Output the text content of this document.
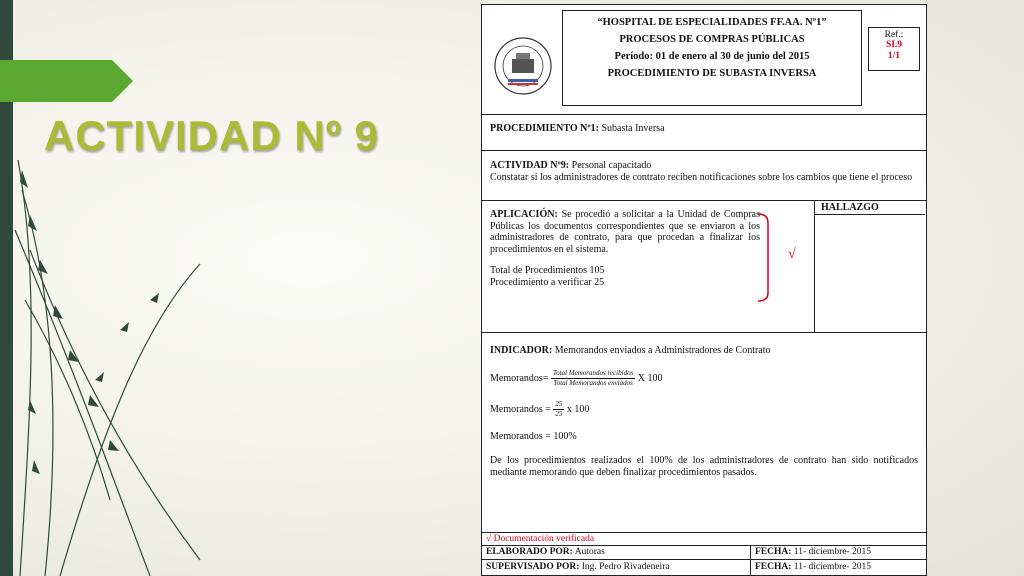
ACTIVIDAD Nº 9
“HOSPITAL DE ESPECIALIDADES FF.AA. Nº1”
PROCESOS DE COMPRAS PÚBLICAS
Período: 01 de enero al 30 de junio del 2015
PROCEDIMIENTO DE SUBASTA INVERSA
Ref.:
SI.9
1/1
PROCEDIMIENTO Nº1: Subasta Inversa
ACTIVIDAD Nº9: Personal capacitado
Constatar si los administradores de contrato reciben notificaciones sobre los cambios que tiene el proceso
APLICACIÓN: Se procedió a solicitar a la Unidad de Compras Públicas los documentos correspondientes que se enviaron a los administradores de contrato, para que procedan a finalizar los procedimientos en el sistema.
Total de Procedimientos 105
Procedimiento a verificar 25
√
HALLAZGO
INDICADOR: Memorandos enviados a Administradores de Contrato
Memorandos= $\frac{\text{Total Memorandos recibidos}}{\text{Total Memorandos enviados}}$ X 100
Memorandos = $\frac{25}{25}$ x 100
Memorandos = 100%
De los procedimientos realizados el 100% de los administradores de contrato han sido notificados mediante memorando que deben finalizar procedimientos pasados.
√ Documentación verificada
ELABORADO POR: Autoras	FECHA: 11- diciembre- 2015
SUPERVISADO POR: Ing. Pedro Rivadeneira	FECHA: 11- diciembre- 2015
